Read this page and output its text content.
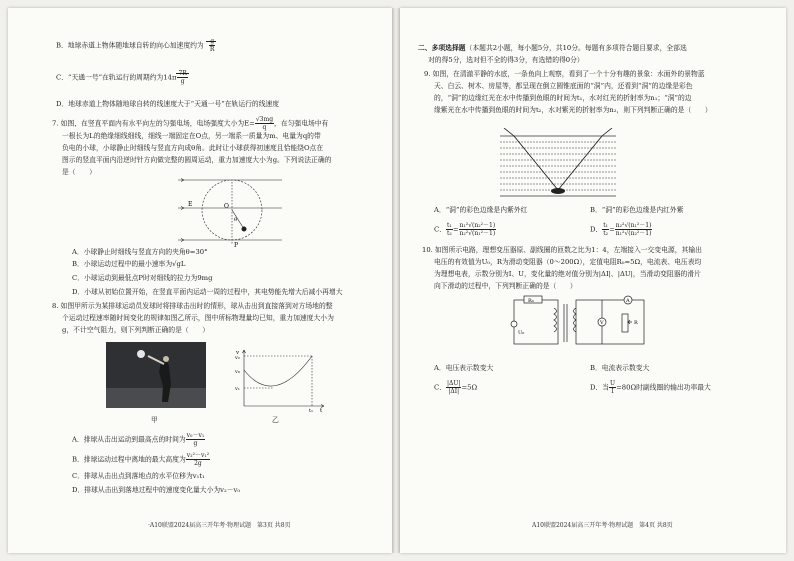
B．地球赤道上物体随地球自转的向心加速度约为 $\frac{g}{R}$
C．“天通一号”在轨运行的周期约为$14\pi \frac{7R}{g}$
D．地球赤道上物体随地球自转的线速度大于“天通一号”在轨运行的线速度
7. 如图，在竖直平面内有水平向左的匀强电场，电场强度大小为$E= \frac{√3mg}{q}$ ，在匀强电场中有
一根长为L的绝缘细线细线，细线一端固定在O点，另一端系一质量为m、电量为q的带
负电的小球，小球静止时细线与竖直方向成θ角。此时让小球获得初速度且恰能绕O点在
图示的竖直平面内沿逆时针方向做完整的圆周运动，重力加速度大小为g。下列说法正确的
是（　　）
O
E
P
θ
A．小球静止时细线与竖直方向的夹角θ=30°
B．小球运动过程中的最小速率为√gL
C．小球运动到最低点P时对细线的拉力为9mg
D．小球从初始位置开始，在竖直平面内运动一周的过程中，其电势能先增大后减小再增大
8. 如图甲所示为某排球运动员发球时将排球击出时的情形，球从击出到直接落到对方场地的整
个运动过程速率随时间变化的规律如图乙所示，图中所标物理量均已知，重力加速度大小为
g，不计空气阻力，则下列判断正确的是（　　）
甲
v
t
v₂
v₀
v₁
t₁
乙
A．排球从击出运动到最高点的时间为 $\frac{\text{v₀－v₁}}{g}$
B．排球运动过程中离地的最大高度为 $\frac{\text{v₂²－v₁²}}{2g}$
C．排球从击出点到落地点的水平位移为v₁t₁
D．排球从击出到落地过程中的速度变化量大小为v₂－v₀
·A10联盟2024届高三开年考·物理试题　第3页 共8页
二、多项选择题（本题共2小题，每小题5分，共10分。每题有多项符合题目要求，全部选
对的得5分，选对但不全的得3分，有选错的得0分）
9. 如图，在清澈平静的水底，一条鱼向上观察，看到了一个十分有趣的景象：水面外的景物蓝
天、白云、树木、房屋等，都呈现在倒立圆锥底面的“洞”内，还看到“洞”的边缘是彩色
的，“洞”的边缘红光在水中传播到鱼眼的时间为t₁，水对红光的折射率为n₁；“洞”的边
缘紫光在水中传播到鱼眼的时间为t₂，水对紫光的折射率为n₂，则下列判断正确的是（　　）
A．“洞”的彩色边缘是内紫外红	B．“洞”的彩色边缘是内红外紫
C． $\frac{\text{t₁}}{\text{t₂}} = \frac{\text{n₁²√(n₂²－1)}}{\text{n₂²√(n₁²－1)}}$	D． $\frac{\text{t₁}}{\text{t₂}} = \frac{\text{n₂²√(n₁²－1)}}{\text{n₁²√(n₂²－1)}}$
10. 如图所示电路，理想变压器原、副线圈的匝数之比为1：4，左端接入一交变电源，其输出
电压的有效值为U₀，R为滑动变阻器（0～200Ω），定值电阻R₀=5Ω，电流表、电压表均
为理想电表，示数分别为I、U，变化量的绝对值分别为|ΔI|、|ΔU|，当滑动变阻器的滑片
向下滑动的过程中，下列判断正确的是（　　）
R₀
U₀
A
V	R
A．电压表示数变大	B．电流表示数变大
C． $\frac{|\Delta U|}{|\Delta I|} =5\Omega$	D．当 $\frac{U}{I} =80\Omega$时副线圈的输出功率最大
A10联盟2024届高三开年考·物理试题　第4页 共8页
